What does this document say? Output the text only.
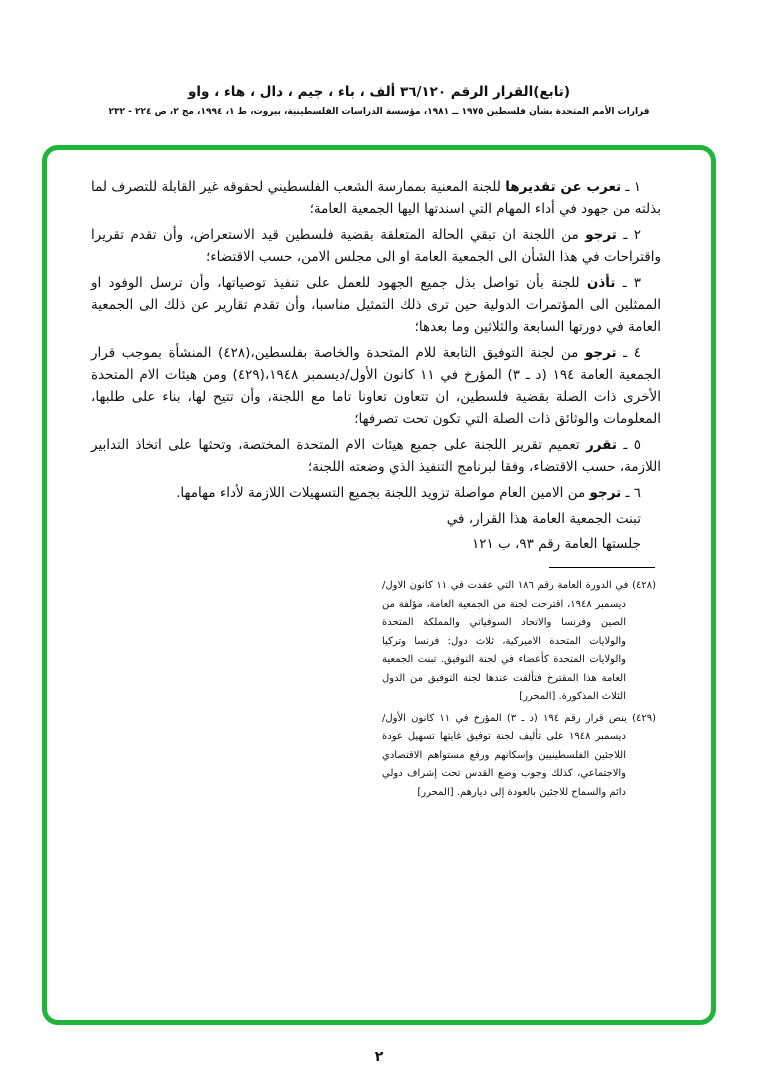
(تابع)القرار الرقم ٣٦/١٢٠ ألف ، باء ، جيم ، دال ، هاء ، واو
قرارات الأمم المتحدة بشأن فلسطين ١٩٧٥ ــ ١٩٨١، مؤسسة الدراسات الفلسطينية، بيروت، ط ١، ١٩٩٤، مج ٢، ص ٢٢٤ - ٢٣٢

١ ـ تعرب عن تقديرها للجنة المعنية بممارسة الشعب الفلسطيني لحقوقه غير القابلة للتصرف لما بذلته من جهود في أداء المهام التي اسندتها اليها الجمعية العامة؛

٢ ـ ترجو من اللجنة ان تبقي الحالة المتعلقة بقضية فلسطين قيد الاستعراض، وأن تقدم تقريرا واقتراحات في هذا الشأن الى الجمعية العامة او الى مجلس الامن، حسب الاقتضاء؛

٣ ـ تأذن للجنة بأن تواصل بذل جميع الجهود للعمل على تنفيذ توصياتها، وأن ترسل الوفود او الممثلين الى المؤتمرات الدولية حين ترى ذلك التمثيل مناسبا، وأن تقدم تقارير عن ذلك الى الجمعية العامة في دورتها السابعة والثلاثين وما بعدها؛

٤ ـ ترجو من لجنة التوفيق التابعة للام المتحدة والخاصة بفلسطين،(٤٢٨) المنشأة بموجب قرار الجمعية العامة ١٩٤ (د ـ ٣) المؤرخ في ١١ كانون الأول/ديسمبر ١٩٤٨،(٤٢٩) ومن هيئات الام المتحدة الأخرى ذات الصلة بقضية فلسطين، ان تتعاون تعاونا تاما مع اللجنة، وأن تتيح لها، بناء على طلبها، المعلومات والوثائق ذات الصلة التي تكون تحت تصرفها؛

٥ ـ تقرر تعميم تقرير اللجنة على جميع هيئات الام المتحدة المختصة، وتحثها على اتخاذ التدابير اللازمة، حسب الاقتضاء، وفقا لبرنامج التنفيذ الذي وضعته اللجنة؛

٦ ـ ترجو من الامين العام مواصلة تزويد اللجنة بجميع التسهيلات اللازمة لأداء مهامها.

تبنت الجمعية العامة هذا القرار، في

جلستها العامة رقم ٩٣، ب ١٢١

(٤٢٨) في الدورة العامة رقم ١٨٦ التي عقدت في ١١ كانون الاول/ديسمبر ١٩٤٨، اقترحت لجنة من الجمعية العامة، مؤلفة من الصين وفرنسا والاتحاد السوفياتي والمملكة المتحدة والولايات المتحدة الاميركية، ثلاث دول: فرنسا وتركيا والولايات المتحدة كأعضاء في لجنة التوفيق. تبنت الجمعية العامة هذا المقترح فتألفت عندها لجنة التوفيق من الدول الثلاث المذكورة. [المحرر]

(٤٢٩) ينص قرار رقم ١٩٤ (د ـ ٣) المؤرخ في ١١ كانون الأول/ديسمبر ١٩٤٨ على تأليف لجنة توفيق غايتها تسهيل عودة اللاجئين الفلسطينيين وإسكانهم ورفع مستواهم الاقتصادي والاجتماعي، كذلك وجوب وضع القدس تحت إشراف دولي دائم والسماح للاجئين بالعودة إلى ديارهم. [المحرر]

٢
